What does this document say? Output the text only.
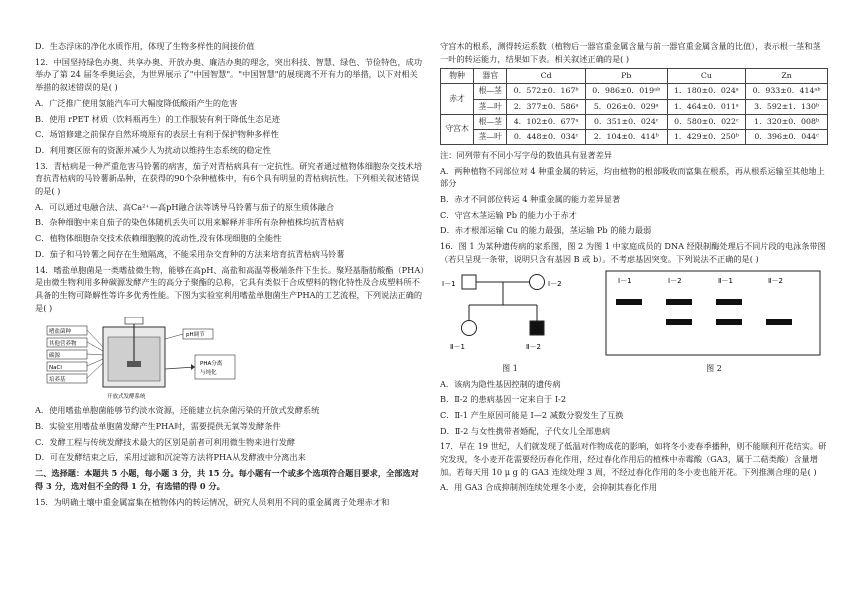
D．生态浮床的净化水质作用，体现了生物多样性的间接价值

12．中国坚持绿色办奥、共享办奥、开放办奥、廉洁办奥的理念，突出科技、智慧、绿色、节俭特色，成功举办了第 24 届冬季奥运会，为世界展示了"中国智慧"。"中国智慧"的展现离不开有力的举措，以下对相关举措的叙述错误的是( )

A．广泛推广使用氢能汽车可大幅度降低酸雨产生的危害

B．使用 rPET 材质（饮料瓶再生）的工作服装有利于降低生态足迹

C．场馆修建之前保存自然环境原有的表层土有利于保护物种多样性

D．利用赛区原有的资源并减少人为扰动以维持生态系统的稳定性

13．青枯病是一种严重危害马铃薯的病害，茄子对青枯病具有一定抗性。研究者通过植物体细胞杂交技术培育抗青枯病的马铃薯新品种，在获得的90个杂种植株中，有6个具有明显的青枯病抗性。下列相关叙述错误的是( )

A．可以通过电融合法、高Ca²⁺—高pH融合法等诱导马铃薯与茄子的原生质体融合

B．杂种细胞中来自茄子的染色体随机丢失可以用来解释并非所有杂种植株均抗青枯病

C．植物体细胞杂交技术依赖细胞膜的流动性,没有体现细胞的全能性

D．茄子和马铃薯之间存在生殖隔离，不能采用杂交育种的方法来培育抗青枯病马铃薯

14．嗜盐单胞菌是一类嗜盐微生物，能够在高pH、高盐和高温等极端条件下生长。聚羟基脂肪酸酯（PHA）是由微生物利用多种碳源发酵产生的高分子聚酯的总称，它具有类似于合成塑料的物化特性及合成塑料所不具备的生物可降解性等许多优秀性能。下图为实验室利用嗜盐单胞菌生产PHA的工艺流程，下列说法正确的是( )

嗜盐菌种
其他营养物
碳源
NaCl
培养基
pH调节
PHA分离
与纯化
开放式发酵系统

A．使用嗜盐单胞菌能够节约淡水资源，还能建立抗杂菌污染的开放式发酵系统

B．实验室用嗜盐单胞菌发酵产生PHA时，需要提供无氧等发酵条件

C．发酵工程与传统发酵技术最大的区别是前者可利用微生物来进行发酵

D．可在发酵结束之后，采用过滤和沉淀等方法将PHA从发酵液中分离出来

二、选择题：本题共 5 小题，每小题 3 分，共 15 分。每小题有一个或多个选项符合题目要求，全部选对得 3 分，选对但不全的得 1 分，有选错的得 0 分。

15．为明确土壤中重金属富集在植物体内的转运情况，研究人员利用不同的重金属离子处理赤才和

守宫木的根系，测得转运系数（植物后一器官重金属含量与前一器官重金属含量的比值），表示根一茎和茎一叶的转运能力，结果如下表。相关叙述正确的是( )

物种	器官	Cd	Pb	Cu	Zn
赤才	根—茎	0．572±0．167ᵇ	0．986±0．019ᵃᵇ	1．180±0．024ᵃ	0．933±0．414ᵃᵇ
	茎—叶	2．377±0．586ᵃ	5．026±0．029ᵃ	1．464±0．011ᵃ	3．592±1．130ᵇ
守宫木	根—茎	4．102±0．677ᵃ	0．351±0．024ᶜ	0．580±0．022ᶜ	1．320±0．008ᵇ
	茎—叶	0．448±0．034ᶜ	2．104±0．414ᵇ	1．429±0．250ᵇ	0．396±0．044ᶜ

注：同列带有不同小写字母的数值具有显著差异

A．两种植物不同部位对 4 种重金属的转运，均由植物的根部吸收而富集在根系，再从根系运输至其他地上部分

B．赤才不同部位转运 4 种重金属的能力差异显著

C．守宫木茎运输 Pb 的能力小于赤才

D．赤才根部运输 Cu 的能力最强，茎运输 Pb 的能力最弱

16．图 1 为某种遗传病的家系图，图 2 为图 1 中家庭成员的 DNA 经限制酶处理后不同片段的电泳条带图（若只呈现一条带，说明只含有基因 B 或 b）。不考虑基因突变。下列说法不正确的是( )

Ⅰ－1	Ⅰ－2
Ⅱ－1	Ⅱ－2
图 1
Ⅰ－1	Ⅰ－2	Ⅱ－1	Ⅱ－2
图 2

A．该病为隐性基因控制的遗传病

B．Ⅱ-2 的患病基因一定来自于 I-2

C．Ⅱ-1 产生原因可能是 I—2 减数分裂发生了互换

D．Ⅱ-2 与女性携带者婚配，子代女儿全部患病

17．早在 19 世纪，人们就发现了低温对作物成花的影响，如将冬小麦春季播种，则不能顺利开花结实。研究发现，冬小麦开花需要经历春化作用，经过春化作用后的植株中赤霉酸（GA3，属于二萜类酸）含量增加。若每天用 10 μ g 的 GA3 连续处理 3 周，不经过春化作用的冬小麦也能开花。下列推测合理的是( )

A．用 GA3 合成抑制剂连续处理冬小麦，会抑制其春化作用
